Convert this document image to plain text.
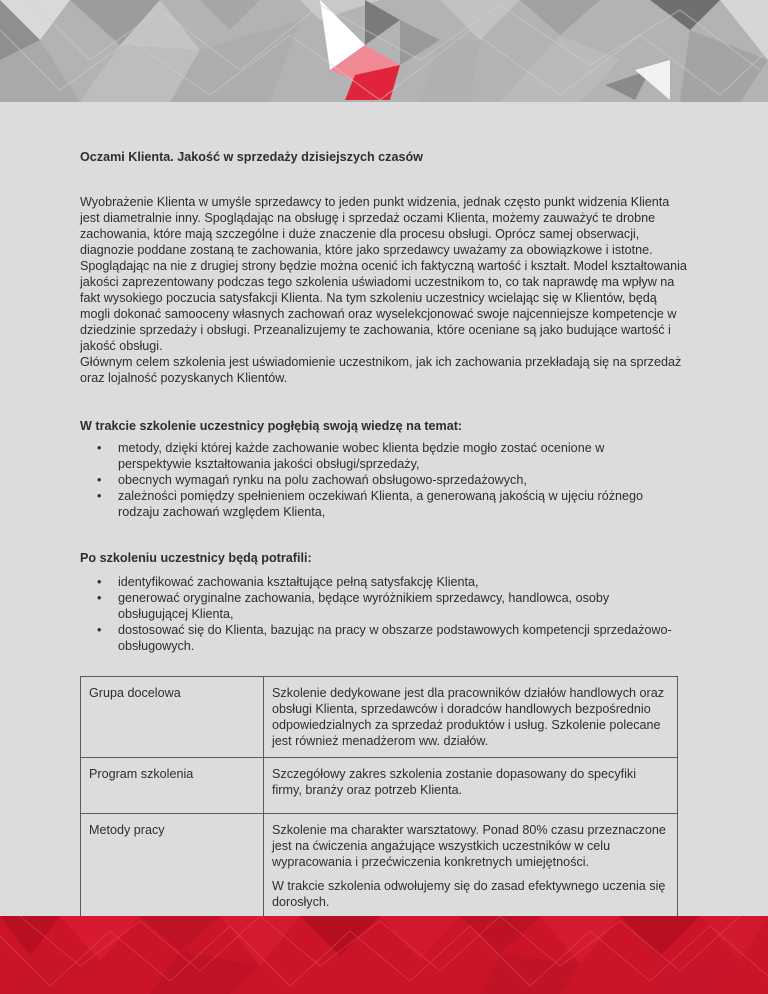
Oczami Klienta. Jakość w sprzedaży dzisiejszych czasów

Wyobrażenie Klienta w umyśle sprzedawcy to jeden punkt widzenia, jednak często punkt widzenia Klienta jest diametralnie inny. Spoglądając na obsługę i sprzedaż oczami Klienta, możemy zauważyć te drobne zachowania, które mają szczególne i duże znaczenie dla procesu obsługi. Oprócz samej obserwacji, diagnozie poddane zostaną te zachowania, które jako sprzedawcy uważamy za obowiązkowe i istotne. Spoglądając na nie z drugiej strony będzie można ocenić ich faktyczną wartość i kształt. Model kształtowania jakości zaprezentowany podczas tego szkolenia uświadomi uczestnikom to, co tak naprawdę ma wpływ na fakt wysokiego poczucia satysfakcji Klienta. Na tym szkoleniu uczestnicy wcielając się w Klientów, będą mogli dokonać samooceny własnych zachowań oraz wyselekcjonować swoje najcenniejsze kompetencje w dziedzinie sprzedaży i obsługi. Przeanalizujemy te zachowania, które oceniane są jako budujące wartość i jakość obsługi.

Głównym celem szkolenia jest uświadomienie uczestnikom, jak ich zachowania przekładają się na sprzedaż oraz lojalność pozyskanych Klientów.

W trakcie szkolenie uczestnicy pogłębią swoją wiedzę na temat:

• metody, dzięki której każde zachowanie wobec klienta będzie mogło zostać ocenione w perspektywie kształtowania jakości obsługi/sprzedaży,
• obecnych wymagań rynku na polu zachowań obsługowo-sprzedażowych,
• zależności pomiędzy spełnieniem oczekiwań Klienta, a generowaną jakością w ujęciu różnego rodzaju zachowań względem Klienta,

Po szkoleniu uczestnicy będą potrafili:

• identyfikować zachowania kształtujące pełną satysfakcję Klienta,
• generować oryginalne zachowania, będące wyróżnikiem sprzedawcy, handlowca, osoby obsługującej Klienta,
• dostosować się do Klienta, bazując na pracy w obszarze podstawowych kompetencji sprzedażowo-obsługowych.
Grupa docelowa	Szkolenie dedykowane jest dla pracowników działów handlowych oraz obsługi Klienta, sprzedawców i doradców handlowych bezpośrednio odpowiedzialnych za sprzedaż produktów i usług. Szkolenie polecane jest również menadżerom ww. działów.

Program szkolenia	Szczegółowy zakres szkolenia zostanie dopasowany do specyfiki firmy, branży oraz potrzeb Klienta.

Metody pracy	Szkolenie ma charakter warsztatowy. Ponad 80% czasu przeznaczone jest na ćwiczenia angażujące wszystkich uczestników w celu wypracowania i przećwiczenia konkretnych umiejętności.

W trakcie szkolenia odwołujemy się do zasad efektywnego uczenia się dorosłych.
